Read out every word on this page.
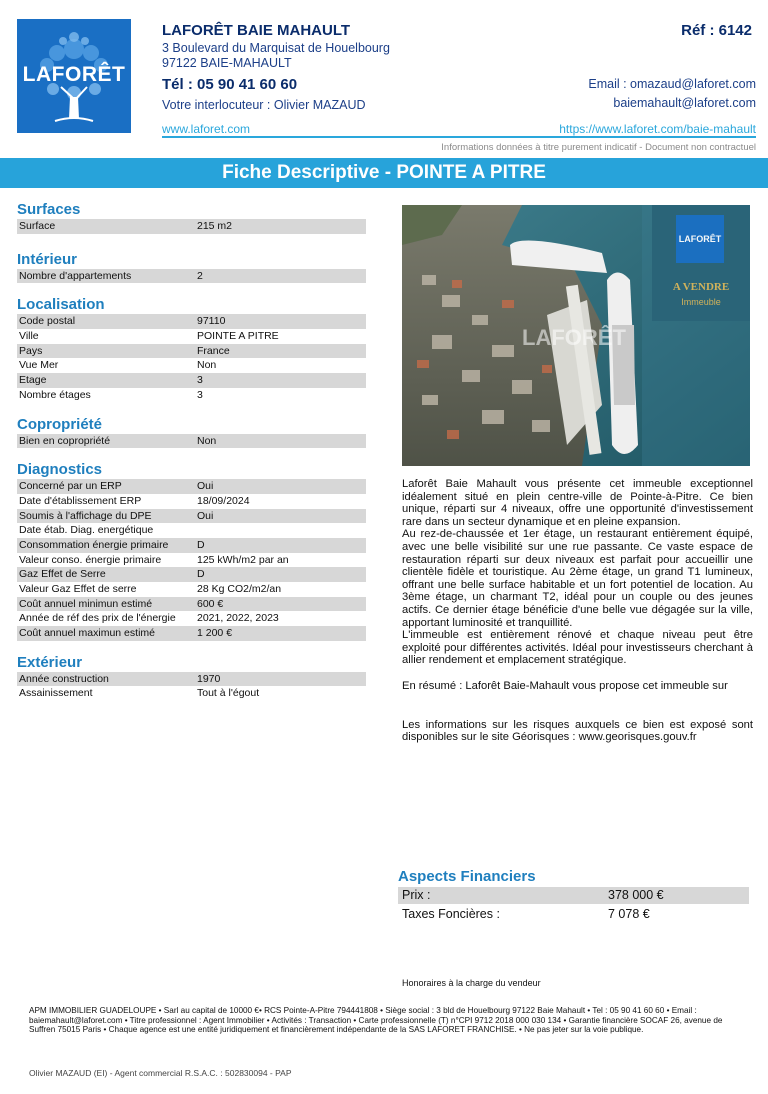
LAFORÊT
LAFORÊT BAIE MAHAULT	Réf : 6142
3 Boulevard du Marquisat de Houelbourg
97122 BAIE-MAHAULT
Tél : 05 90 41 60 60	Email : omazaud@laforet.com
baiemahault@laforet.com
Votre interlocuteur : Olivier MAZAUD
www.laforet.com	https://www.laforet.com/baie-mahault
Informations données à titre purement indicatif - Document non contractuel
Fiche Descriptive - POINTE A PITRE
Surfaces
Surface	215 m2
Intérieur
Nombre d'appartements	2
Localisation
Code postal	97110
Ville	POINTE A PITRE
Pays	France
Vue Mer	Non
Etage	3
Nombre étages	3
Copropriété
Bien en copropriété	Non
Diagnostics
Concerné par un ERP	Oui
Date d'établissement ERP	18/09/2024
Soumis à l'affichage du DPE	Oui
Date étab. Diag. energétique
Consommation énergie primaire	D
Valeur conso. énergie primaire	125 kWh/m2 par an
Gaz Effet de Serre	D
Valeur Gaz Effet de serre	28 Kg CO2/m2/an
Coût annuel minimun estimé	600 €
Année de réf des prix de l'énergie	2021, 2022, 2023
Coût annuel maximun estimé	1 200 €
Extérieur
Année construction	1970
Assainissement	Tout à l'égout
LAFORÊT
A VENDRE
Immeuble
LAFORÊT

Laforêt Baie Mahault vous présente cet immeuble exceptionnel idéalement situé en plein centre-ville de Pointe-à-Pitre. Ce bien unique, réparti sur 4 niveaux, offre une opportunité d'investissement rare dans un secteur dynamique et en pleine expansion.

Au rez-de-chaussée et 1er étage, un restaurant entièrement équipé, avec une belle visibilité sur une rue passante. Ce vaste espace de restauration réparti sur deux niveaux est parfait pour accueillir une clientèle fidèle et touristique. Au 2ème étage, un grand T1 lumineux, offrant une belle surface habitable et un fort potentiel de location. Au 3ème étage, un charmant T2, idéal pour un couple ou des jeunes actifs. Ce dernier étage bénéficie d'une belle vue dégagée sur la ville, apportant luminosité et tranquillité.

L'immeuble est entièrement rénové et chaque niveau peut être exploité pour différentes activités. Idéal pour investisseurs cherchant à allier rendement et emplacement stratégique.

En résumé : Laforêt Baie-Mahault vous propose cet immeuble sur

Les informations sur les risques auxquels ce bien est exposé sont disponibles sur le site Géorisques : www.georisques.gouv.fr

Aspects Financiers
Prix :	378 000 €
Taxes Foncières :	7 078 €
Honoraires à la charge du vendeur
APM IMMOBILIER GUADELOUPE • Sarl au capital de 10000 €• RCS Pointe-A-Pitre 794441808 • Siège social : 3 bld de Houelbourg 97122 Baie Mahault • Tel : 05 90 41 60 60 • Email : baiemahault@laforet.com • Titre professionnel : Agent Immobilier • Activités : Transaction • Carte professionnelle (T) n°CPI 9712 2018 000 030 134 • Garantie financière SOCAF 26, avenue de Suffren 75015 Paris • Chaque agence est une entité juridiquement et financièrement indépendante de la SAS LAFORET FRANCHISE. • Ne pas jeter sur la voie publique.
Olivier MAZAUD (EI) - Agent commercial R.S.A.C. : 502830094 - PAP
